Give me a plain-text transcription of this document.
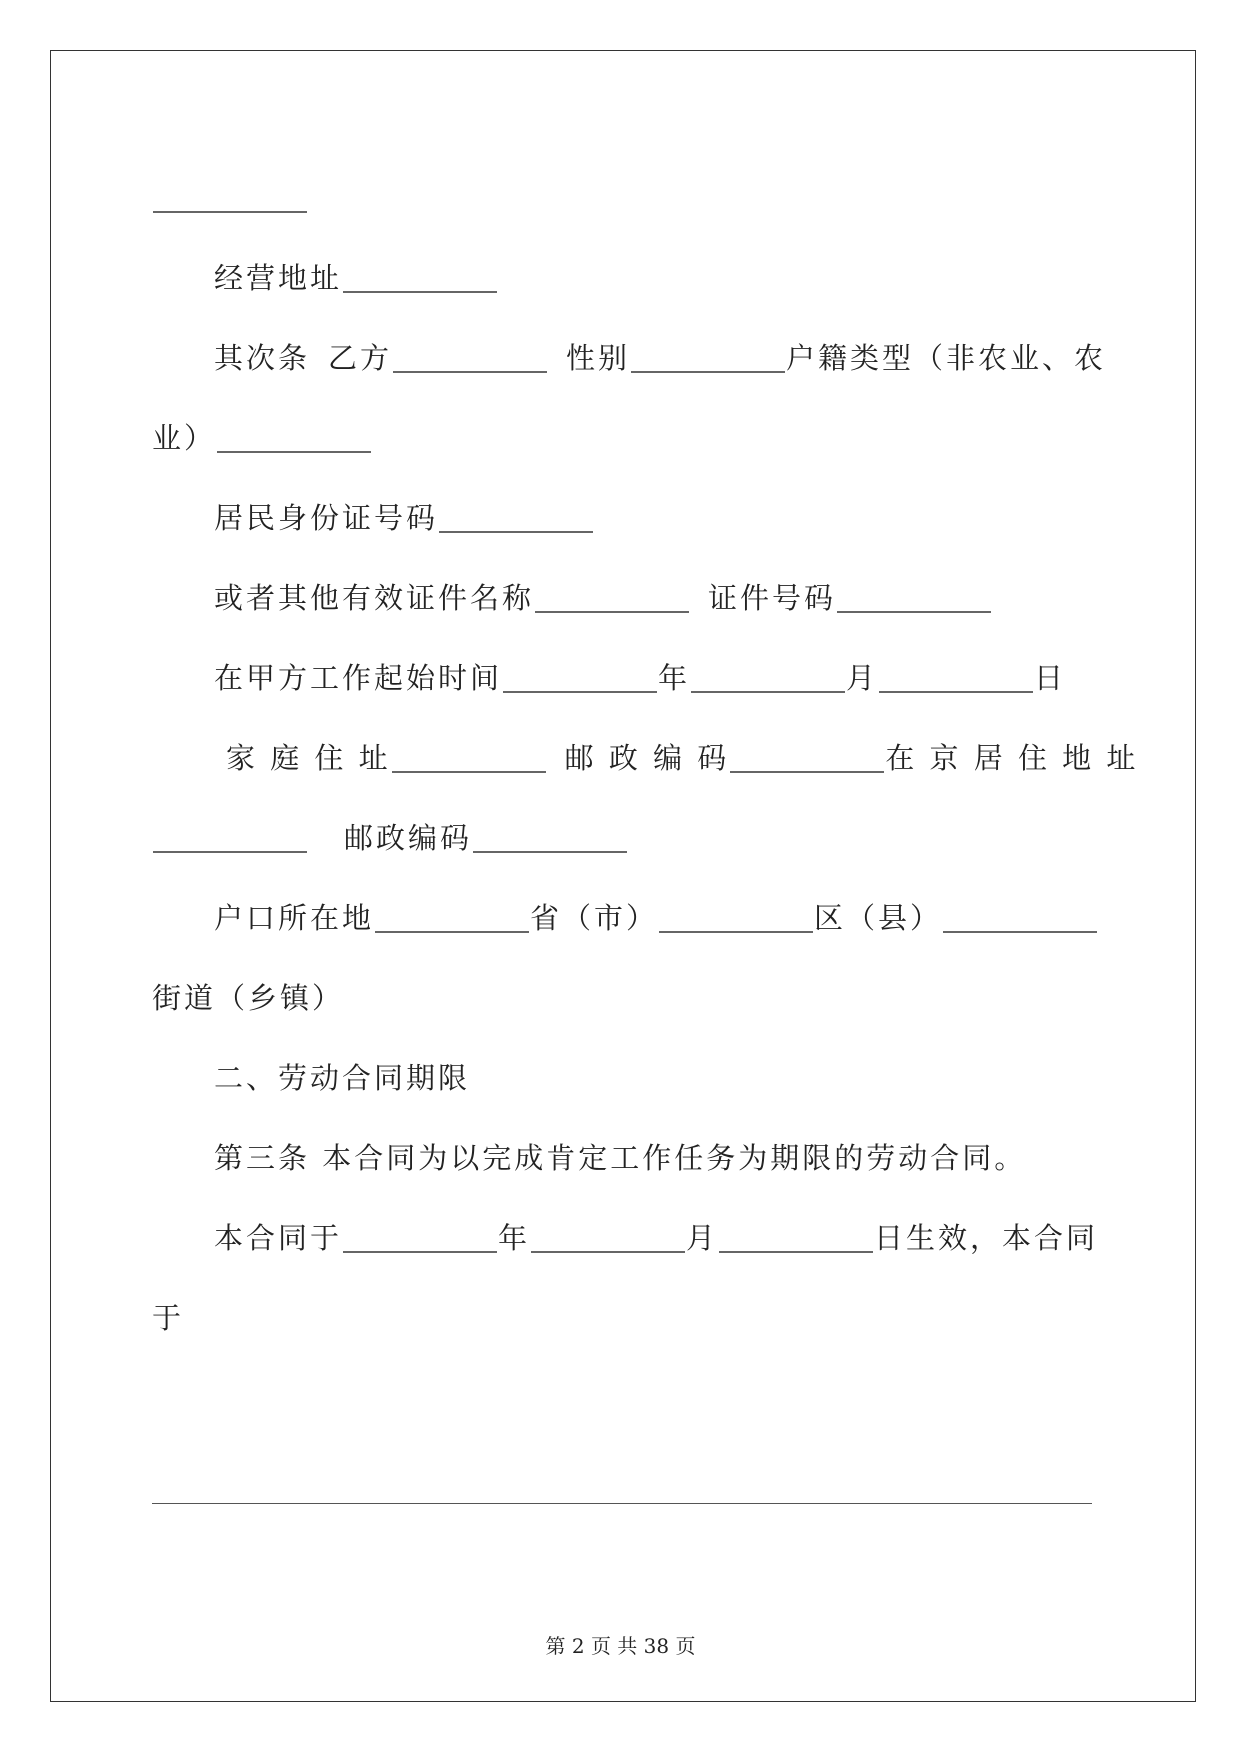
经营地址
其次条 乙方	性别	户籍类型（非农业、农
业）
居民身份证号码
或者其他有效证件名称	证件号码
在甲方工作起始时间	年	月	日
家 庭 住 址	邮 政 编 码	在 京 居 住 地 址
邮政编码
户口所在地	省（市）	区（县）
街道（乡镇）
二、劳动合同期限
第三条 本合同为以完成肯定工作任务为期限的劳动合同。
本合同于	年	月	日生效，本合同
于
第 2 页 共 38 页
